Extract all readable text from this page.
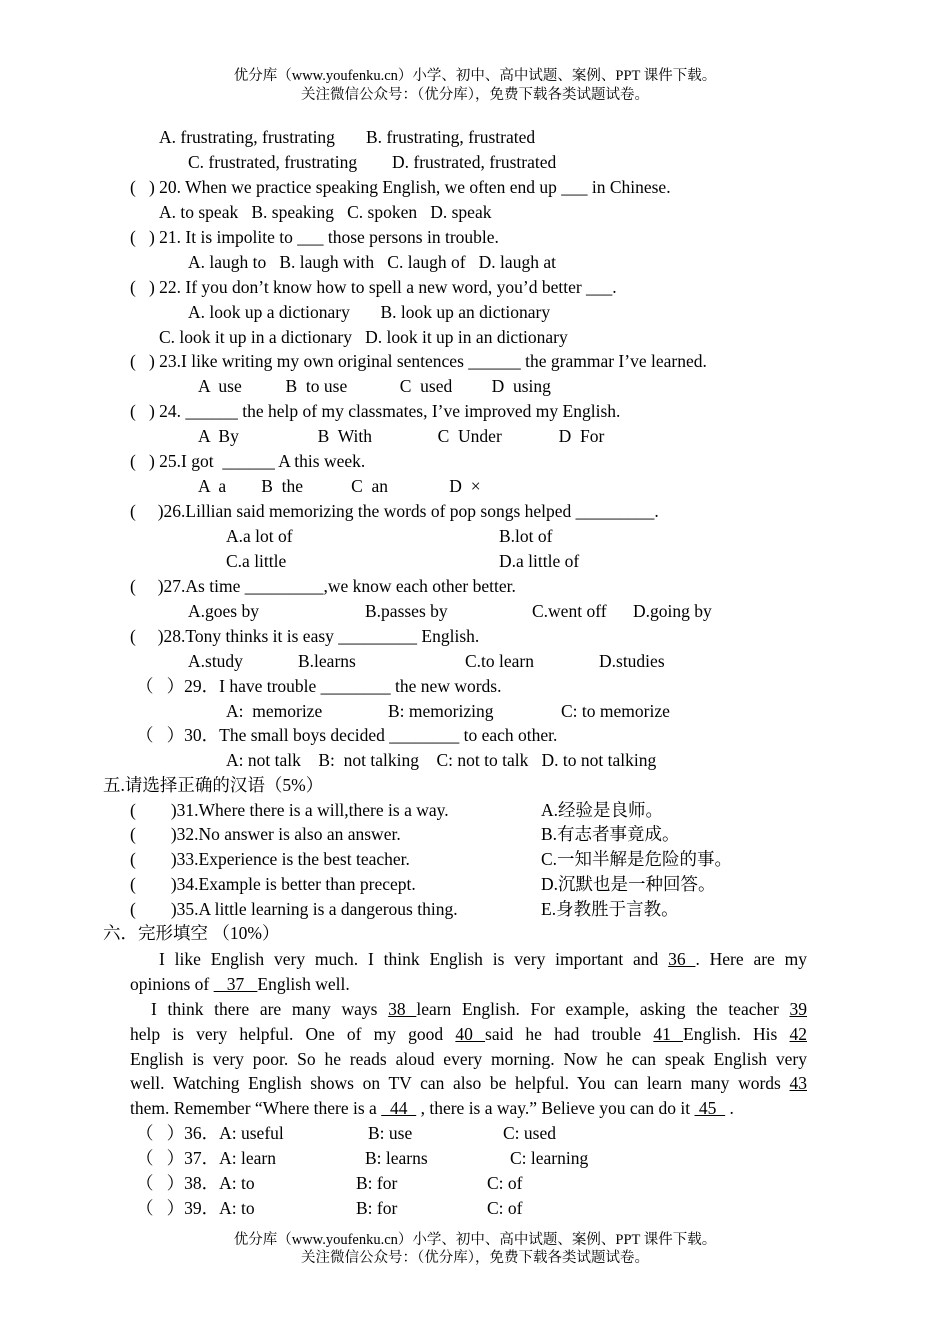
优分库（www.youfenku.cn）小学、初中、高中试题、案例、PPT 课件下载。
关注微信公众号：（优分库），免费下载各类试题试卷。
A. frustrating, frustrating B. frustrating, frustrated
C. frustrated, frustrating D. frustrated, frustrated
(   ) 20. When we practice speaking English, we often end up ___ in Chinese.
A. to speak   B. speaking   C. spoken   D. speak
(   ) 21. It is impolite to ___ those persons in trouble.
A. laugh to   B. laugh with   C. laugh of   D. laugh at
(   ) 22. If you don’t know how to spell a new word, you’d better ___.
A. look up a dictionary       B. look up an dictionary
C. look it up in a dictionary   D. look it up in an dictionary
(   ) 23.I like writing my own original sentences ______ the grammar I’ve learned.
A  use          B  to use            C  used         D  using
(   ) 24. ______ the help of my classmates, I’ve improved my English.
A  By                  B  With               C  Under             D  For
(   ) 25.I got  ______ A this week.
A  a        B  the           C  an              D  ×
(     )26.Lillian said memorizing the words of pop songs helped _________.
A.a lot of	B.lot of
C.a little	D.a little of
(     )27.As time _________,we know each other better.
A.goes by	B.passes by	C.went off D.going by
(     )28.Tony thinks it is easy _________ English.
A.study	B.learns	C.to learn	D.studies
（   ）29．I have trouble ________ the new words.
A:  memorize	B: memorizing	C: to memorize
（   ）30．The small boys decided ________ to each other.
A: not talk    B:  not talking    C: not to talk   D. to not talking
五.请选择正确的汉语（5%）
(        )31.Where there is a will,there is a way.	A.经验是良师。
(        )32.No answer is also an answer.	B.有志者事竟成。
(        )33.Experience is the best teacher.	C.一知半解是危险的事。
(        )34.Example is better than precept.	D.沉默也是一种回答。
(        )35.A little learning is a dangerous thing.	E.身教胜于言教。
六．完形填空 （10%）
I like English very much. I think English is very important and 36 . Here are my
opinions of    37   English well.
I think there are many ways 38 learn English. For example, asking the teacher 39
help is very helpful. One of my good 40 said he had trouble 41 English. His 42
English is very poor. So he reads aloud every morning. Now he can speak English very
well. Watching English shows on TV can also be helpful. You can learn many words 43
them. Remember “Where there is a   44   , there is a way.” Believe you can do it  45   .
（   ）36．A: useful	B: use	C: used
（   ）37．A: learn	B: learns	C: learning
（   ）38．A: to	B: for	C: of
（   ）39．A: to	B: for	C: of
优分库（www.youfenku.cn）小学、初中、高中试题、案例、PPT 课件下载。
关注微信公众号：（优分库），免费下载各类试题试卷。
